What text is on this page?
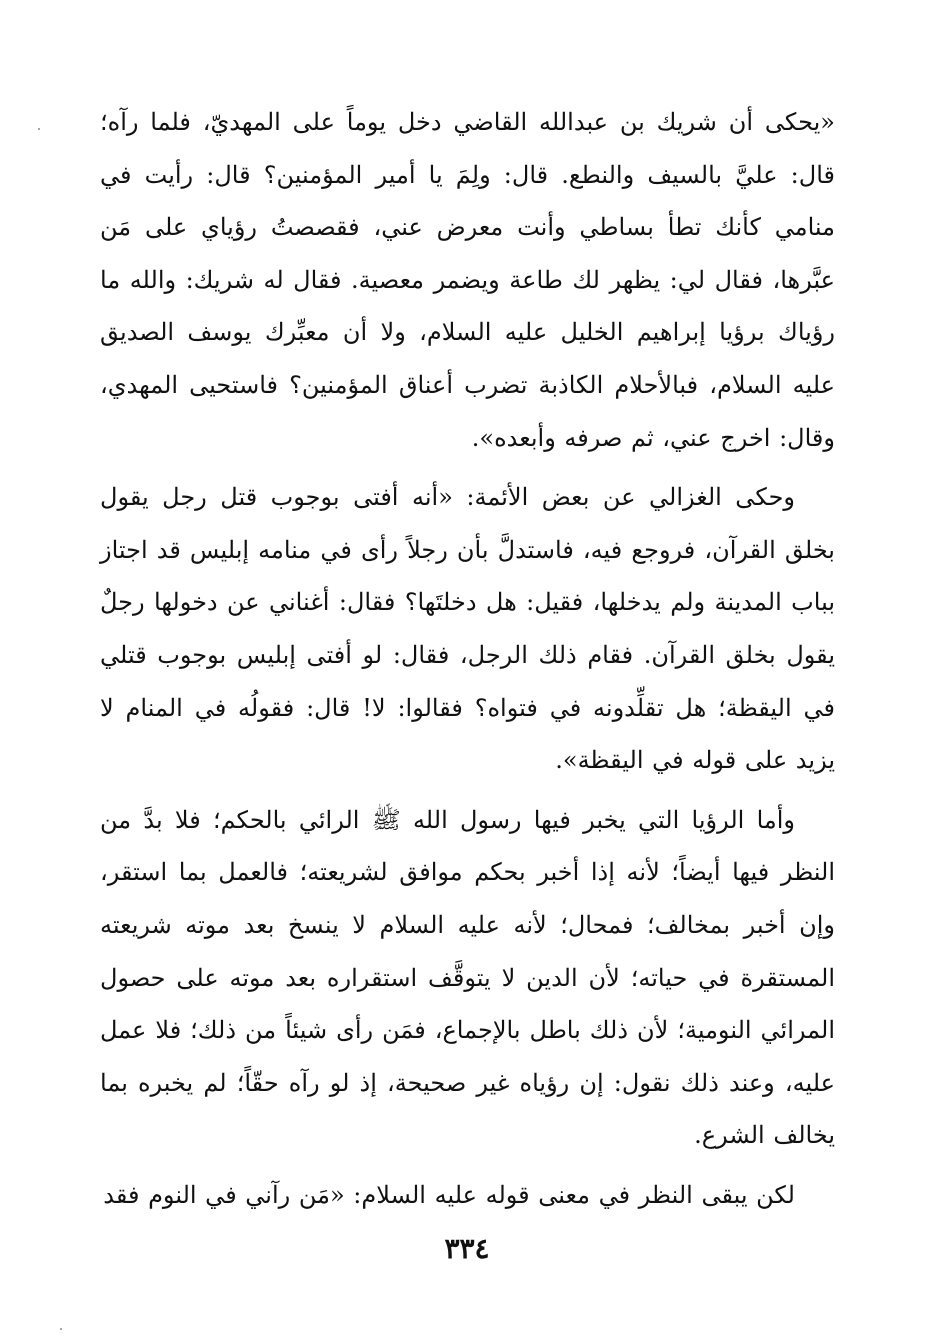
«يحكى أن شريك بن عبدالله القاضي دخل يوماً على المهديّ، فلما رآه؛ قال: عليَّ بالسيف والنطع. قال: ولِمَ يا أمير المؤمنين؟ قال: رأيت في منامي كأنك تطأ بساطي وأنت معرض عني، فقصصتُ رؤياي على مَن عبَّرها، فقال لي: يظهر لك طاعة ويضمر معصية. فقال له شريك: والله ما رؤياك برؤيا إبراهيم الخليل عليه السلام، ولا أن معبِّرك يوسف الصديق عليه السلام، فبالأحلام الكاذبة تضرب أعناق المؤمنين؟ فاستحيى المهدي، وقال: اخرج عني، ثم صرفه وأبعده».

وحكى الغزالي عن بعض الأئمة: «أنه أفتى بوجوب قتل رجل يقول بخلق القرآن، فروجع فيه، فاستدلَّ بأن رجلاً رأى في منامه إبليس قد اجتاز بباب المدينة ولم يدخلها، فقيل: هل دخلتَها؟ فقال: أغناني عن دخولها رجلٌ يقول بخلق القرآن. فقام ذلك الرجل، فقال: لو أفتى إبليس بوجوب قتلي في اليقظة؛ هل تقلِّدونه في فتواه؟ فقالوا: لا! قال: فقولُه في المنام لا يزيد على قوله في اليقظة».

وأما الرؤيا التي يخبر فيها رسول الله ﷺ الرائي بالحكم؛ فلا بدَّ من النظر فيها أيضاً؛ لأنه إذا أخبر بحكم موافق لشريعته؛ فالعمل بما استقر، وإن أخبر بمخالف؛ فمحال؛ لأنه عليه السلام لا ينسخ بعد موته شريعته المستقرة في حياته؛ لأن الدين لا يتوقَّف استقراره بعد موته على حصول المرائي النومية؛ لأن ذلك باطل بالإجماع، فمَن رأى شيئاً من ذلك؛ فلا عمل عليه، وعند ذلك نقول: إن رؤياه غير صحيحة، إذ لو رآه حقّاً؛ لم يخبره بما يخالف الشرع.

لكن يبقى النظر في معنى قوله عليه السلام: «مَن رآني في النوم فقد

٣٣٤
